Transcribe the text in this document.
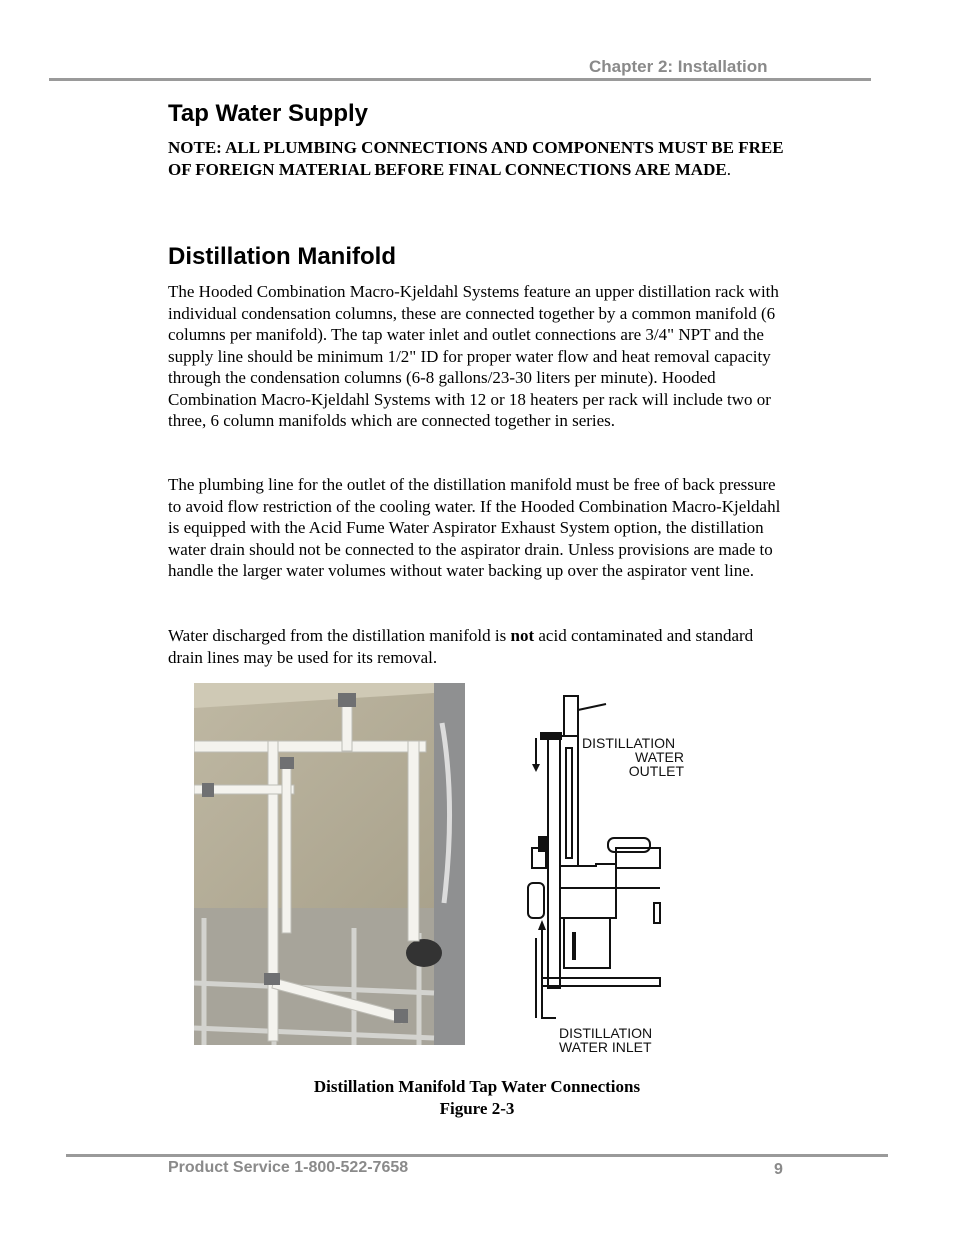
Chapter 2: Installation
Tap Water Supply
NOTE: ALL PLUMBING CONNECTIONS AND COMPONENTS MUST BE FREE OF FOREIGN MATERIAL BEFORE FINAL CONNECTIONS ARE MADE.
Distillation Manifold

The Hooded Combination Macro-Kjeldahl Systems feature an upper distillation rack with individual condensation columns, these are connected together by a common manifold (6 columns per manifold). The tap water inlet and outlet connections are 3/4" NPT and the supply line should be minimum 1/2" ID for proper water flow and heat removal capacity through the condensation columns (6-8 gallons/23-30 liters per minute). Hooded Combination Macro-Kjeldahl Systems with 12 or 18 heaters per rack will include two or three, 6 column manifolds which are connected together in series.

The plumbing line for the outlet of the distillation manifold must be free of back pressure to avoid flow restriction of the cooling water. If the Hooded Combination Macro-Kjeldahl is equipped with the Acid Fume Water Aspirator Exhaust System option, the distillation water drain should not be connected to the aspirator drain. Unless provisions are made to handle the larger water volumes without water backing up over the aspirator vent line.

Water discharged from the distillation manifold is not acid contaminated and standard drain lines may be used for its removal.

DISTILLATION
WATER
OUTLET
DISTILLATION
WATER INLET
Distillation Manifold Tap Water Connections
Figure 2-3
Product Service 1-800-522-7658	9
